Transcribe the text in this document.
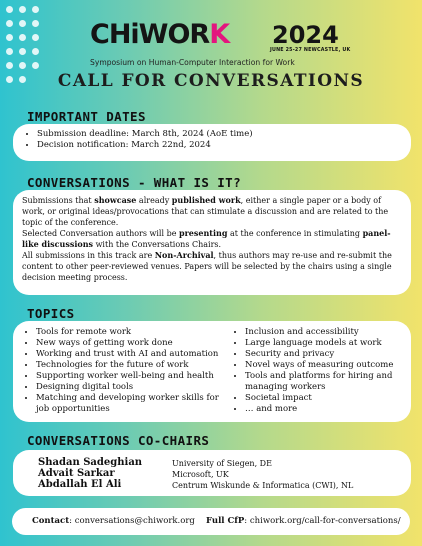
CHiWORK 2024
JUNE 25-27 NEWCASTLE, UK
Symposium on Human-Computer Interaction for Work
CALL FOR CONVERSATIONS
IMPORTANT DATES
• Submission deadline: March 8th, 2024 (AoE time)
• Decision notification: March 22nd, 2024
CONVERSATIONS - WHAT IS IT?

Submissions that showcase already published work, either a single paper or a body of work, or original ideas/provocations that can stimulate a discussion and are related to the topic of the conference.

Selected Conversation authors will be presenting at the conference in stimulating panel-like discussions with the Conversations Chairs.

All submissions in this track are Non-Archival, thus authors may re-use and re-submit the content to other peer-reviewed venues. Papers will be selected by the chairs using a single decision meeting process.

TOPICS
• Tools for remote work
• New ways of getting work done
• Working and trust with AI and automation
• Technologies for the future of work
• Supporting worker well-being and health
• Designing digital tools
• Matching and developing worker skills for job opportunities
• Inclusion and accessibility
• Large language models at work
• Security and privacy
• Novel ways of measuring outcome
• Tools and platforms for hiring and managing workers
• Societal impact
• … and more
CONVERSATIONS CO-CHAIRS
Shadan Sadeghian	University of Siegen, DE
Advait Sarkar	Microsoft, UK
Abdallah El Ali	Centrum Wiskunde & Informatica (CWI), NL
Contact: conversations@chiwork.org Full CfP: chiwork.org/call-for-conversations/
